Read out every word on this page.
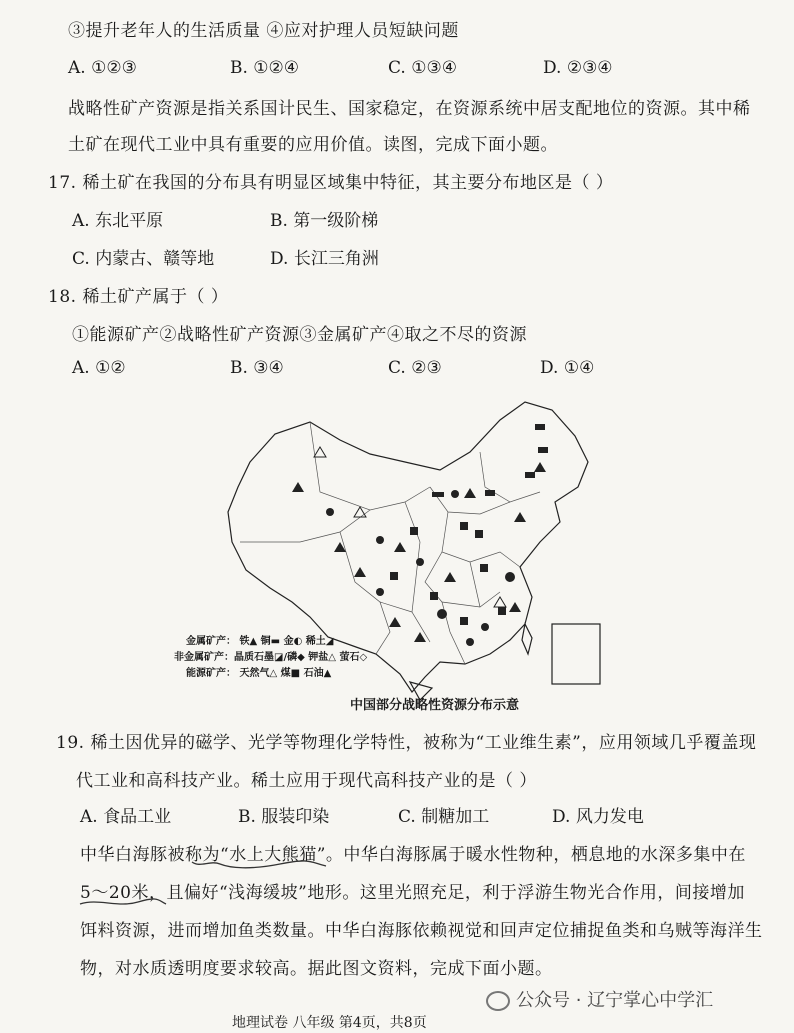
③提升老年人的生活质量 ④应对护理人员短缺问题
A. ①②③	B. ①②④	C. ①③④	D. ②③④
战略性矿产资源是指关系国计民生、国家稳定，在资源系统中居支配地位的资源。其中稀
土矿在现代工业中具有重要的应用价值。读图，完成下面小题。
17. 稀土矿在我国的分布具有明显区域集中特征，其主要分布地区是（ ）
A. 东北平原	B. 第一级阶梯
C. 内蒙古、赣等地	D. 长江三角洲
18. 稀土矿产属于（ ）
①能源矿产②战略性矿产资源③金属矿产④取之不尽的资源
A. ①②	B. ③④	C. ②③	D. ①④
金属矿产： 铁▲ 铜▬ 金◐ 稀土◢
非金属矿产：晶质石墨◪/磷◆ 钾盐△ 萤石◇
能源矿产： 天然气△ 煤■ 石油▲
中国部分战略性资源分布示意
19. 稀土因优异的磁学、光学等物理化学特性，被称为“工业维生素”，应用领域几乎覆盖现
代工业和高科技产业。稀土应用于现代高科技产业的是（ ）
A. 食品工业	B. 服装印染	C. 制糖加工	D. 风力发电
中华白海豚被称为“水上大熊猫”。中华白海豚属于暖水性物种，栖息地的水深多集中在
5～20米，且偏好“浅海缓坡”地形。这里光照充足，利于浮游生物光合作用，间接增加
饵料资源，进而增加鱼类数量。中华白海豚依赖视觉和回声定位捕捉鱼类和乌贼等海洋生
物，对水质透明度要求较高。据此图文资料，完成下面小题。
公众号 · 辽宁掌心中学汇
地理试卷 八年级 第4页，共8页
